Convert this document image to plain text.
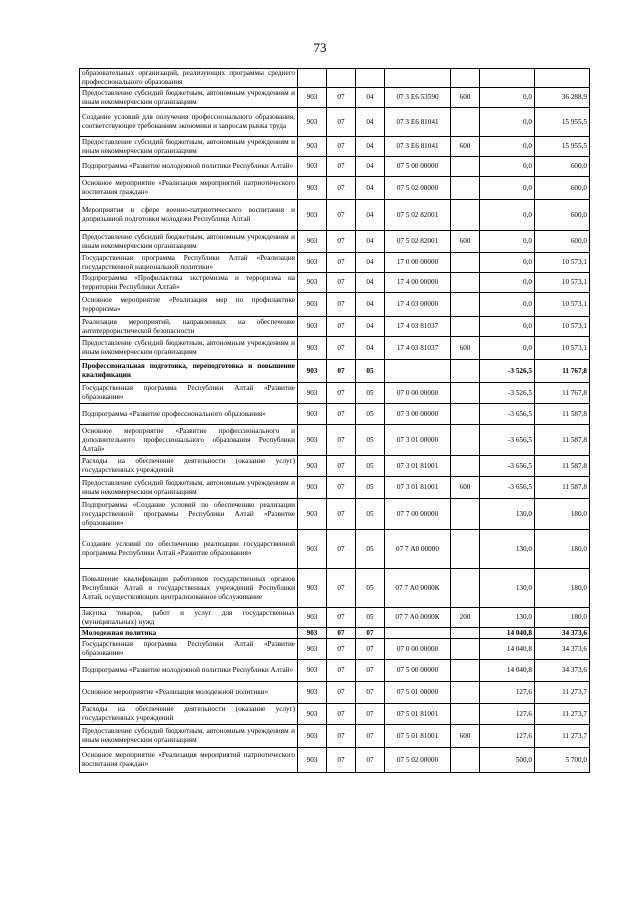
73
образовательных организаций, реализующих программы среднего профессионального образования							
Предоставление субсидий бюджетным, автономным учреждениям и иным некоммерческим организациям	903	07	04	07 3 E6 53590	600	0,0	36 288,9
Создание условий для получения профессионального образования, соответствующее требованиям экономики и запросам рынка труда	903	07	04	07 3 E6 81041		0,0	15 955,5
Предоставление субсидий бюджетным, автономным учреждениям и иным некоммерческим организациям	903	07	04	07 3 E6 81041	600	0,0	15 955,5
Подпрограмма «Развитие молодежной политики Республики Алтай»	903	07	04	07 5 00 00000		0,0	600,0
Основное мероприятие «Реализация мероприятий патриотического воспитания граждан»	903	07	04	07 5 02 00000		0,0	600,0
Мероприятия в сфере военно-патриотического воспитания и допризывной подготовки молодежи Республики Алтай	903	07	04	07 5 02 82001		0,0	600,0
Предоставление субсидий бюджетным, автономным учреждениям и иным некоммерческим организациям	903	07	04	07 5 02 82001	600	0,0	600,0
Государственная программа Республики Алтай «Реализация государственной национальной политики»	903	07	04	17 0 00 00000		0,0	10 573,1
Подпрограмма «Профилактика экстремизма и терроризма на территории Республики Алтай»	903	07	04	17 4 00 00000		0,0	10 573,1
Основное мероприятие «Реализация мер по профилактике терроризма»	903	07	04	17 4 03 00000		0,0	10 573,1
Реализация мероприятий, направленных на обеспечение антитеррористической безопасности	903	07	04	17 4 03 81037		0,0	10 573,1
Предоставление субсидий бюджетным, автономным учреждениям и иным некоммерческим организациям	903	07	04	17 4 03 81037	600	0,0	10 573,1
Профессиональная подготовка, переподготовка и повышение квалификации	903	07	05			-3 526,5	11 767,8
Государственная программа Республики Алтай «Развитие образования»	903	07	05	07 0 00 00000		-3 526,5	11 767,8
Подпрограмма «Развитие профессионального образования»	903	07	05	07 3 00 00000		-3 656,5	11 587,8
Основное мероприятие «Развитие профессионального и дополнительного профессионального образования Республики Алтай»	903	07	05	07 3 01 00000		-3 656,5	11 587,8
Расходы на обеспечение деятельности (оказание услуг) государственных учреждений	903	07	05	07 3 01 81001		-3 656,5	11 587,8
Предоставление субсидий бюджетным, автономным учреждениям и иным некоммерческим организациям	903	07	05	07 3 01 81001	600	-3 656,5	11 587,8
Подпрограмма «Создание условий по обеспечению реализации государственной программы Республики Алтай «Развитие образования»	903	07	05	07 7 00 00000		130,0	180,0
Создание условий по обеспечению реализации государственной программы Республики Алтай «Развитие образования»	903	07	05	07 7 А0 00000		130,0	180,0
Повышение квалификации работников государственных органов Республики Алтай и государственных учреждений Республики Алтай, осуществляющих централизованное обслуживание	903	07	05	07 7 А0 0000К		130,0	180,0
Закупка товаров, работ и услуг для государственных (муниципальных) нужд	903	07	05	07 7 А0 0000К	200	130,0	180,0
Молодежная политика	903	07	07			14 040,8	34 373,6
Государственная программа Республики Алтай «Развитие образования»	903	07	07	07 0 00 00000		14 040,8	34 373,6
Подпрограмма «Развитие молодежной политики Республики Алтай»	903	07	07	07 5 00 00000		14 040,8	34 373,6
Основное мероприятие «Реализация молодежной политики»	903	07	07	07 5 01 00000		127,6	11 273,7
Расходы на обеспечение деятельности (оказание услуг) государственных учреждений	903	07	07	07 5 01 81001		127,6	11 273,7
Предоставление субсидий бюджетным, автономным учреждениям и иным некоммерческим организациям	903	07	07	07 5 01 81001	600	127,6	11 273,7
Основное мероприятие «Реализация мероприятий патриотического воспитания граждан»	903	07	07	07 5 02 00000		500,0	5 700,0
